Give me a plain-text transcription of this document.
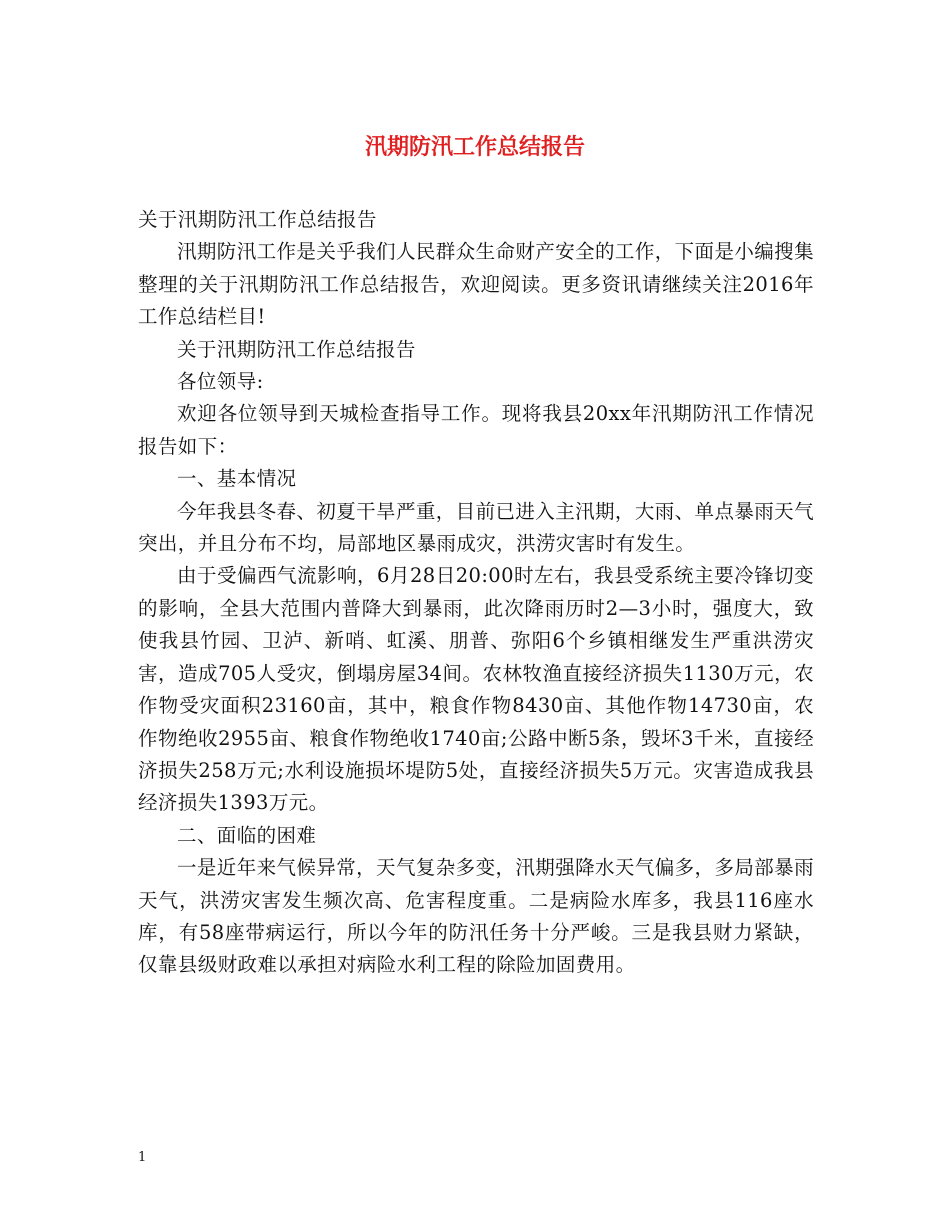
汛期防汛工作总结报告

关于汛期防汛工作总结报告

汛期防汛工作是关乎我们人民群众生命财产安全的工作，下面是小编搜集整理的关于汛期防汛工作总结报告，欢迎阅读。更多资讯请继续关注2016年工作总结栏目!

关于汛期防汛工作总结报告

各位领导:

欢迎各位领导到天城检查指导工作。现将我县20xx年汛期防汛工作情况报告如下：

一、基本情况

今年我县冬春、初夏干旱严重，目前已进入主汛期，大雨、单点暴雨天气突出，并且分布不均，局部地区暴雨成灾，洪涝灾害时有发生。

由于受偏西气流影响，6月28日20:00时左右，我县受系统主要冷锋切变的影响，全县大范围内普降大到暴雨，此次降雨历时2—3小时，强度大，致使我县竹园、卫泸、新哨、虹溪、朋普、弥阳6个乡镇相继发生严重洪涝灾害，造成705人受灾，倒塌房屋34间。农林牧渔直接经济损失1130万元，农作物受灾面积23160亩，其中，粮食作物8430亩、其他作物14730亩，农作物绝收2955亩、粮食作物绝收1740亩;公路中断5条，毁坏3千米，直接经济损失258万元;水利设施损坏堤防5处，直接经济损失5万元。灾害造成我县经济损失1393万元。

二、面临的困难

一是近年来气候异常，天气复杂多变，汛期强降水天气偏多，多局部暴雨天气，洪涝灾害发生频次高、危害程度重。二是病险水库多，我县116座水库，有58座带病运行，所以今年的防汛任务十分严峻。三是我县财力紧缺，仅靠县级财政难以承担对病险水利工程的除险加固费用。

1
